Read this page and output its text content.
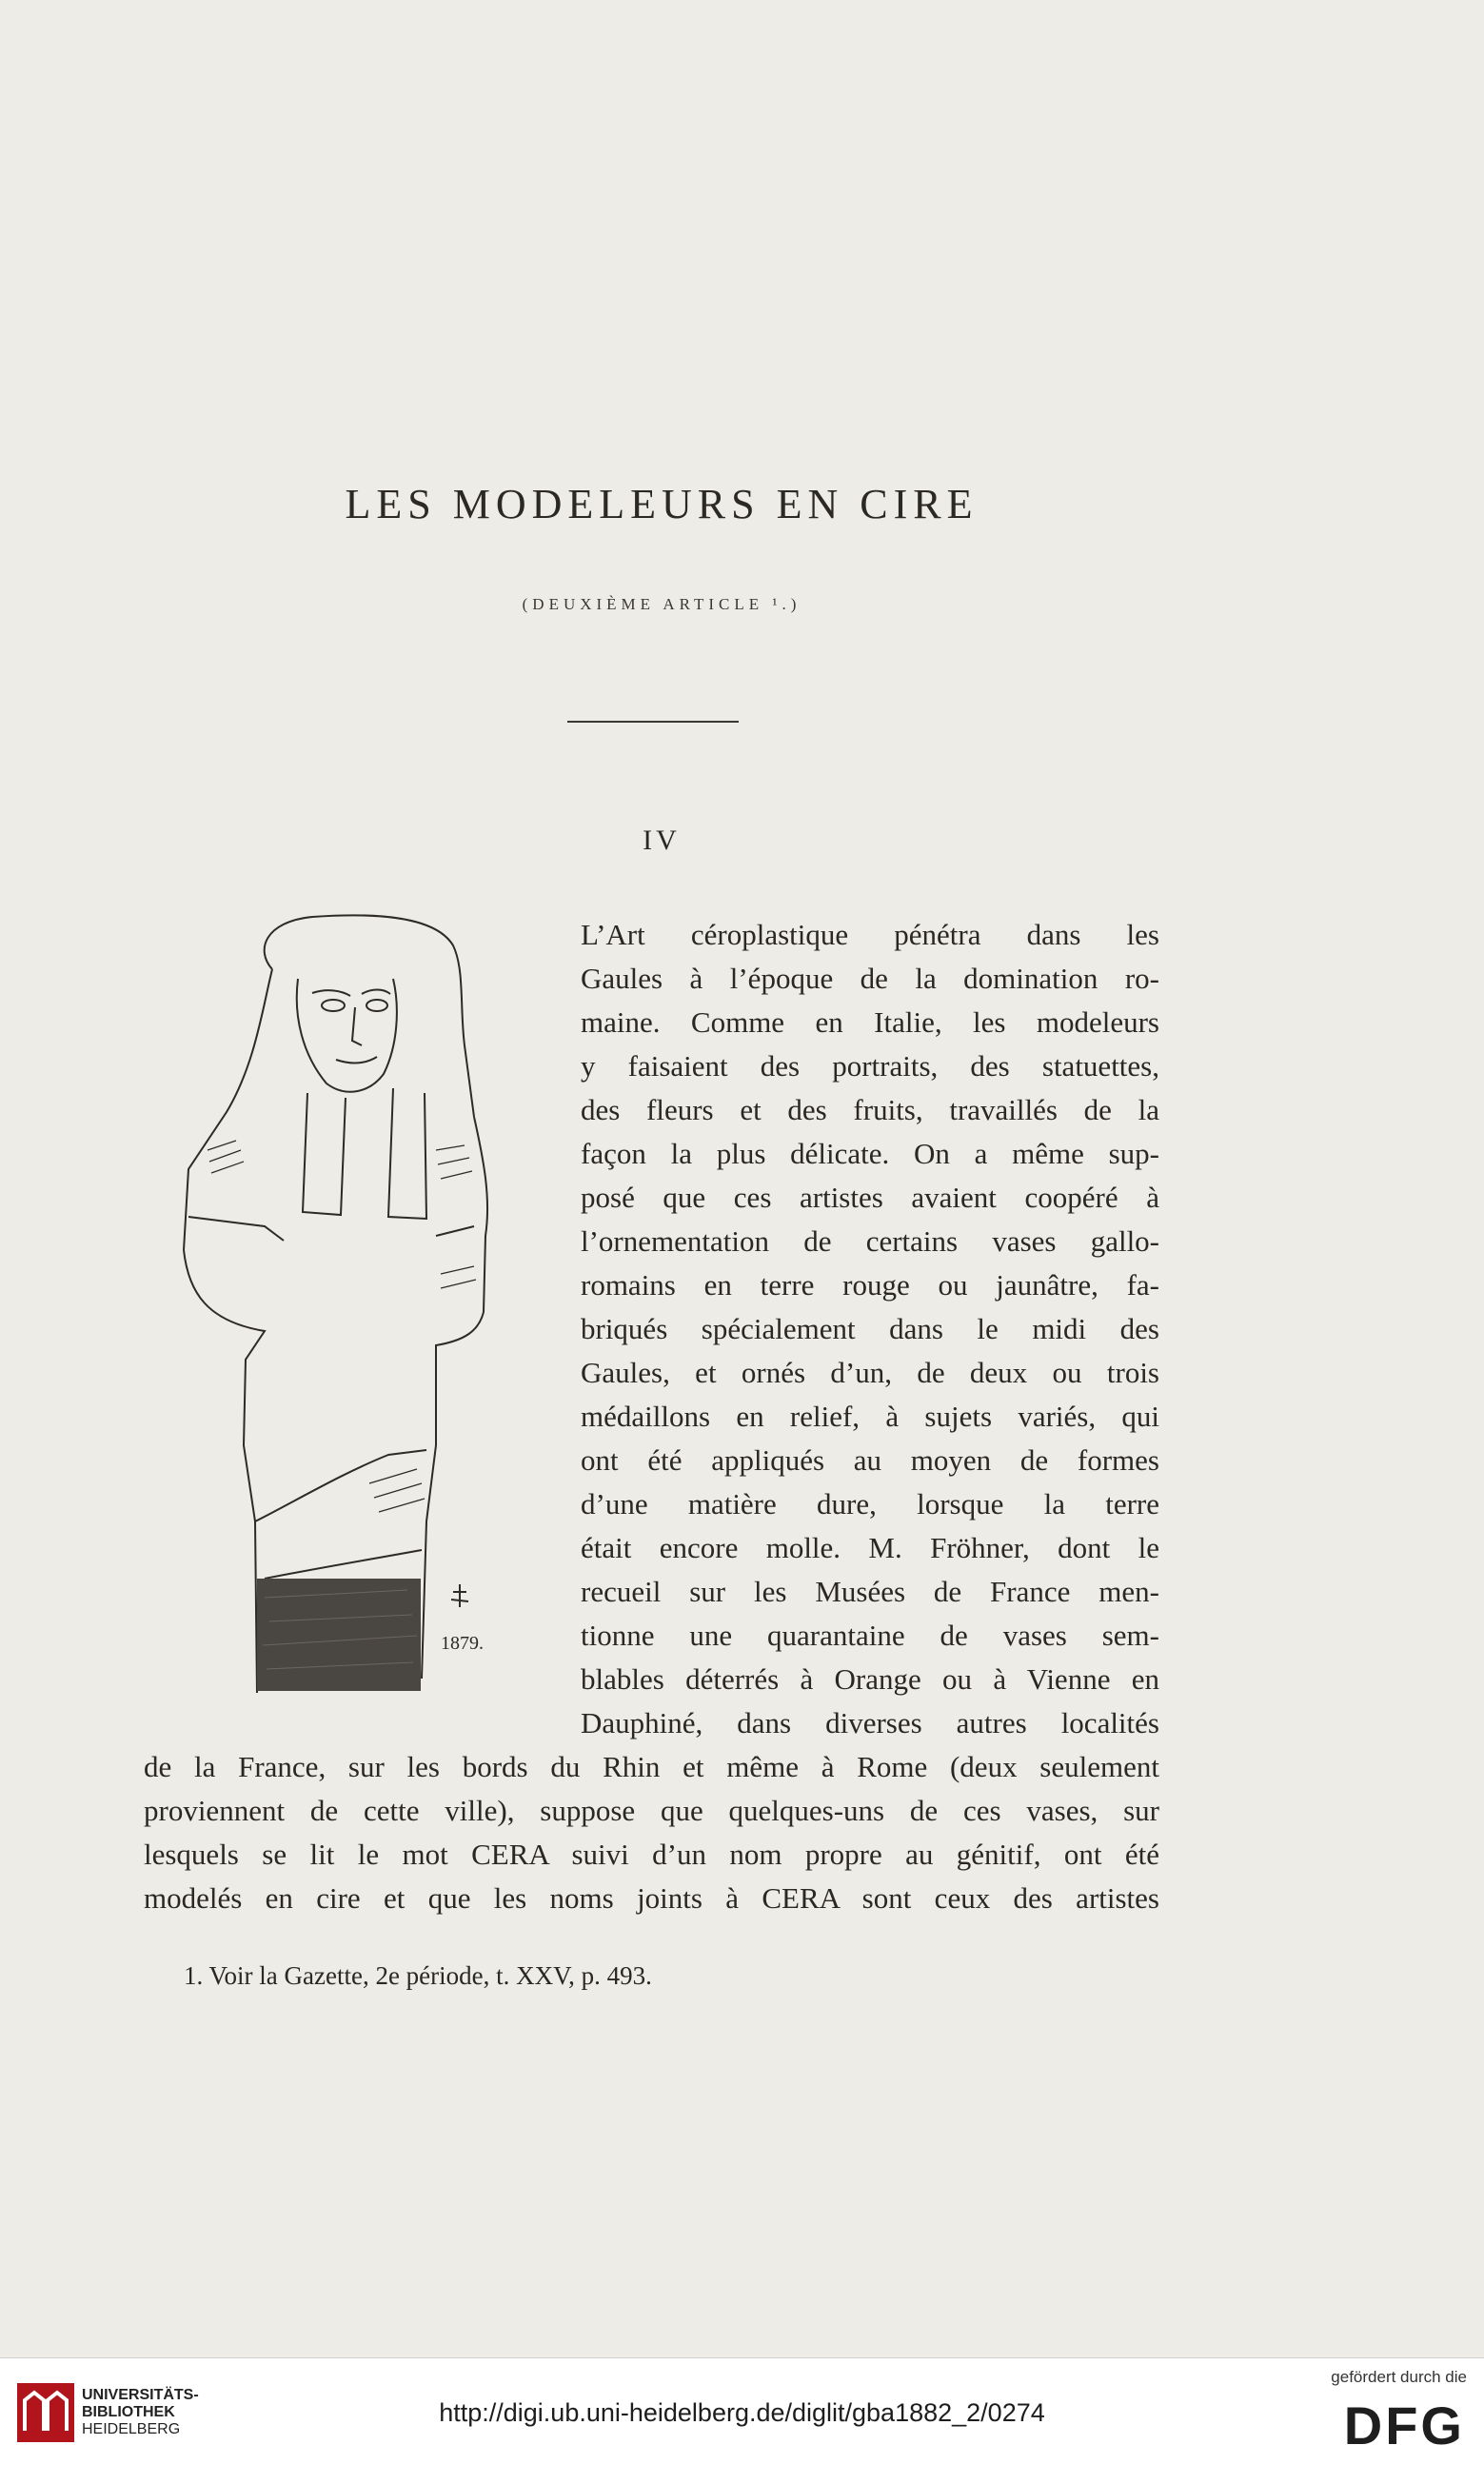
LES MODELEURS EN CIRE
(DEUXIÈME ARTICLE ¹.)
IV
1879.
L’Art céroplastique pénétra dans les
Gaules à l’époque de la domination ro-
maine. Comme en Italie, les modeleurs
y faisaient des portraits, des statuettes,
des fleurs et des fruits, travaillés de la
façon la plus délicate. On a même sup-
posé que ces artistes avaient coopéré à
l’ornementation de certains vases gallo-
romains en terre rouge ou jaunâtre, fa-
briqués spécialement dans le midi des
Gaules, et ornés d’un, de deux ou trois
médaillons en relief, à sujets variés, qui
ont été appliqués au moyen de formes
d’une matière dure, lorsque la terre
était encore molle. M. Fröhner, dont le
recueil sur les Musées de France men-
tionne une quarantaine de vases sem-
blables déterrés à Orange ou à Vienne en
Dauphiné, dans diverses autres localités
de la France, sur les bords du Rhin et même à Rome (deux seulement
proviennent de cette ville), suppose que quelques-uns de ces vases, sur
lesquels se lit le mot CERA suivi d’un nom propre au génitif, ont été
modelés en cire et que les noms joints à CERA sont ceux des artistes
1. Voir la Gazette, 2e période, t. XXV, p. 493.
UNIVERSITÄTS-
BIBLIOTHEK
HEIDELBERG
http://digi.ub.uni-heidelberg.de/diglit/gba1882_2/0274
gefördert durch die
DFG
